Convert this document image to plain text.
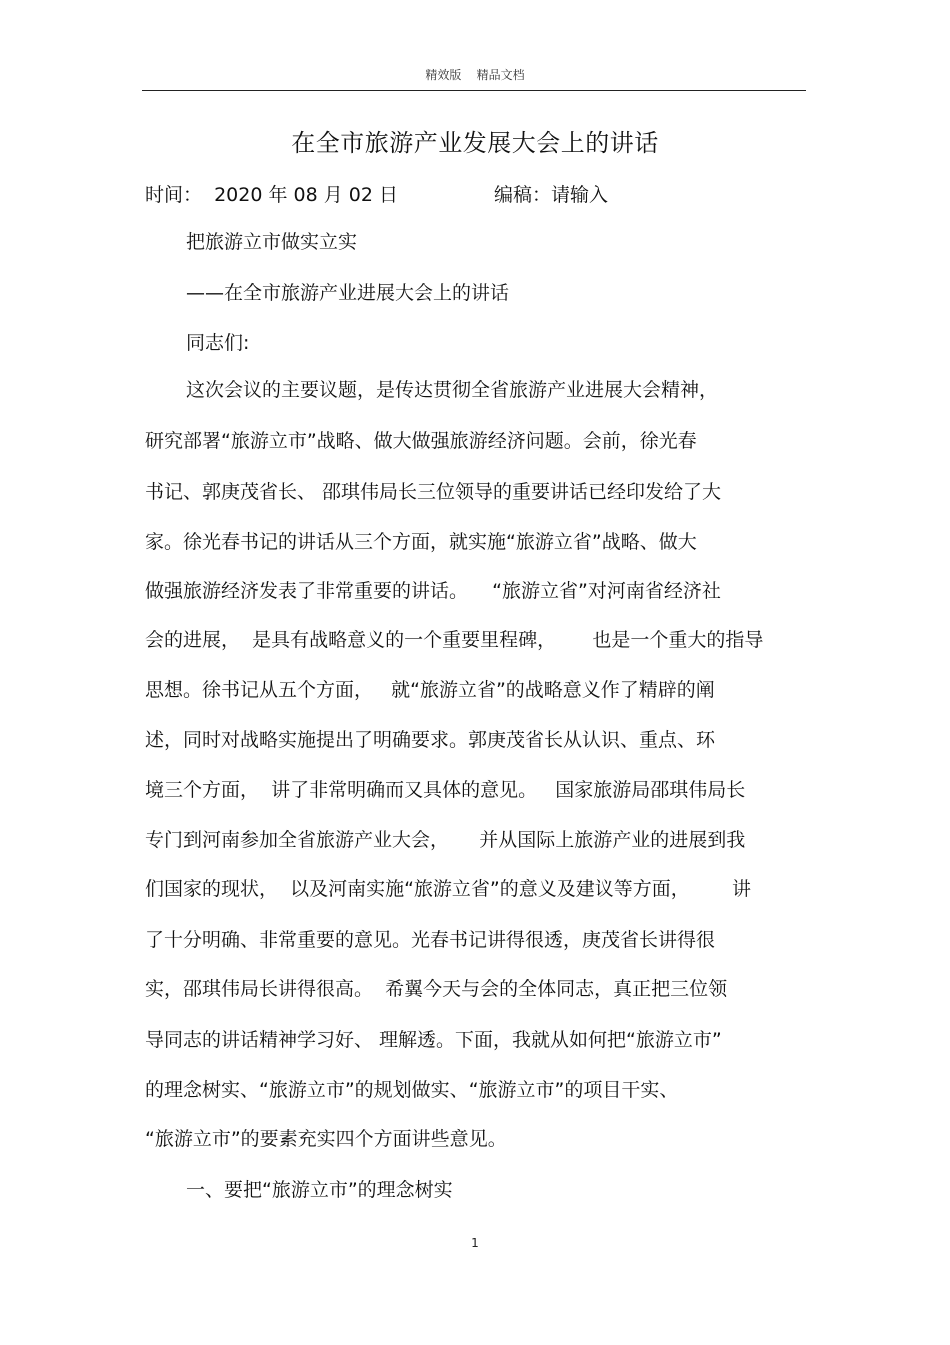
精效版    精品文档
在全市旅游产业发展大会上的讲话
时间：  2020 年 08 月 02 日	编稿：请输入
把旅游立市做实立实
——在全市旅游产业进展大会上的讲话
同志们:
这次会议的主要议题，是传达贯彻全省旅游产业进展大会精神，
研究部署“旅游立市”战略、做大做强旅游经济问题。会前，徐光春
书记、郭庚茂省长、 邵琪伟局长三位领导的重要讲话已经印发给了大
家。徐光春书记的讲话从三个方面，就实施“旅游立省”战略、做大
做强旅游经济发表了非常重要的讲话。    “旅游立省”对河南省经济社
会的进展，  是具有战略意义的一个重要里程碑，      也是一个重大的指导
思想。徐书记从五个方面，   就“旅游立省”的战略意义作了精辟的阐
述，同时对战略实施提出了明确要求。郭庚茂省长从认识、重点、环
境三个方面，  讲了非常明确而又具体的意见。   国家旅游局邵琪伟局长
专门到河南参加全省旅游产业大会，     并从国际上旅游产业的进展到我
们国家的现状，  以及河南实施“旅游立省”的意义及建议等方面，       讲
了十分明确、非常重要的意见。光春书记讲得很透，庚茂省长讲得很
实，邵琪伟局长讲得很高。  希翼今天与会的全体同志，真正把三位领
导同志的讲话精神学习好、 理解透。下面，我就从如何把“旅游立市”
的理念树实、“旅游立市”的规划做实、“旅游立市”的项目干实、
“旅游立市”的要素充实四个方面讲些意见。
一、要把“旅游立市”的理念树实
1
